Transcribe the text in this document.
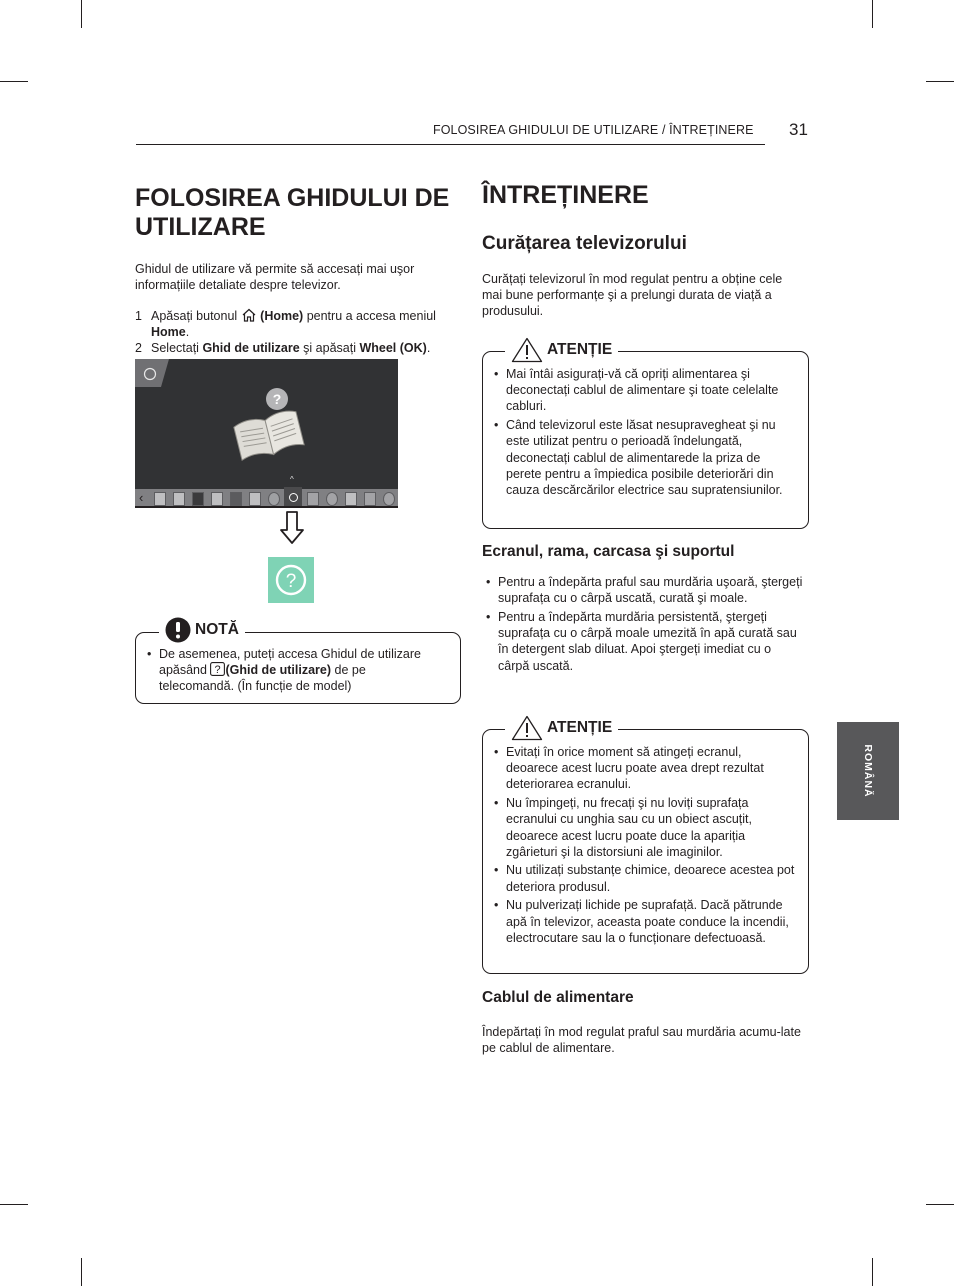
FOLOSIREA GHIDULUI DE UTILIZARE / ÎNTREȚINERE 31
ROMÂNĂ
FOLOSIREA GHIDULUI DE UTILIZARE

Ghidul de utilizare vă permite să accesați mai uşor informațiile detaliate despre televizor.

1 Apăsați butonul (Home) pentru a accesa meniul
Home.
2 Selectați Ghid de utilizare şi apăsați Wheel (OK).
?
‹
^
?
NOTĂ
• De asemenea, puteți accesa Ghidul de utilizare apăsând ? (Ghid de utilizare) de pe telecomandă. (În funcție de model)
ÎNTREȚINERE
Curățarea televizorului

Curățați televizorul în mod regulat pentru a obține cele mai bune performanțe şi a prelungi durata de viață a produsului.

ATENȚIE
• Mai întâi asigurați-vă că opriți alimentarea şi deconectați cablul de alimentare şi toate celelalte cabluri.
• Când televizorul este lăsat nesupravegheat şi nu este utilizat pentru o perioadă îndelungată, deconectați cablul de alimentarede la priza de perete pentru a împiedica posibile deteriorări din cauza descărcărilor electrice sau supratensiunilor.
Ecranul, rama, carcasa şi suportul
• Pentru a îndepărta praful sau murdăria uşoară, ştergeți suprafața cu o cârpă uscată, curată şi moale.
• Pentru a îndepărta murdăria persistentă, ştergeți suprafața cu o cârpă moale umezită în apă curată sau în detergent slab diluat. Apoi ştergeți imediat cu o cârpă uscată.
ATENȚIE
• Evitați în orice moment să atingeți ecranul, deoarece acest lucru poate avea drept rezultat deteriorarea ecranului.
• Nu împingeți, nu frecați şi nu loviți suprafața ecranului cu unghia sau cu un obiect ascuțit, deoarece acest lucru poate duce la apariția zgârieturi şi la distorsiuni ale imaginilor.
• Nu utilizați substanțe chimice, deoarece acestea pot deteriora produsul.
• Nu pulverizați lichide pe suprafață. Dacă pătrunde apă în televizor, aceasta poate conduce la incendii, electrocutare sau la o funcționare defectuoasă.
Cablul de alimentare

Îndepărtați în mod regulat praful sau murdăria acumu-late pe cablul de alimentare.
